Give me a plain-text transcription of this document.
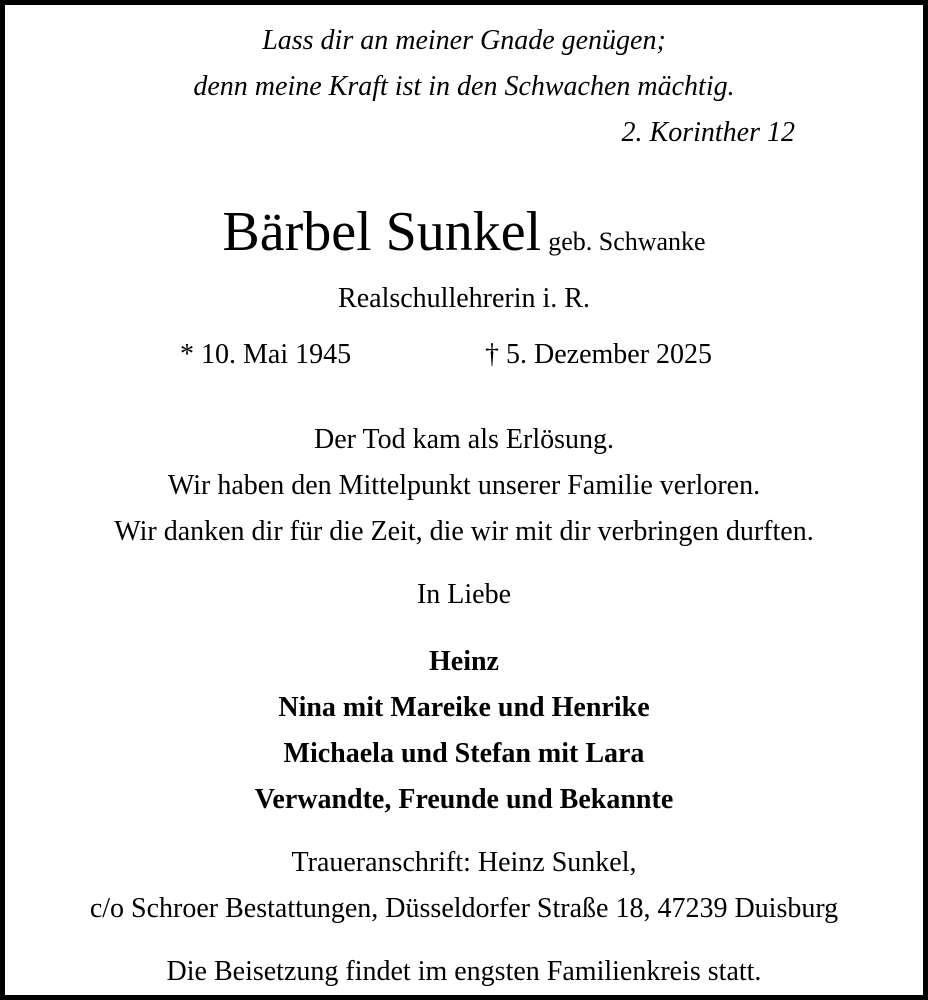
Lass dir an meiner Gnade genügen;
denn meine Kraft ist in den Schwachen mächtig.
2. Korinther 12
Bärbel Sunkel geb. Schwanke
Realschullehrerin i. R.
* 10. Mai 1945	† 5. Dezember 2025
Der Tod kam als Erlösung.
Wir haben den Mittelpunkt unserer Familie verloren.
Wir danken dir für die Zeit, die wir mit dir verbringen durften.
In Liebe
Heinz
Nina mit Mareike und Henrike
Michaela und Stefan mit Lara
Verwandte, Freunde und Bekannte
Traueranschrift: Heinz Sunkel,
c/o Schroer Bestattungen, Düsseldorfer Straße 18, 47239 Duisburg
Die Beisetzung findet im engsten Familienkreis statt.
